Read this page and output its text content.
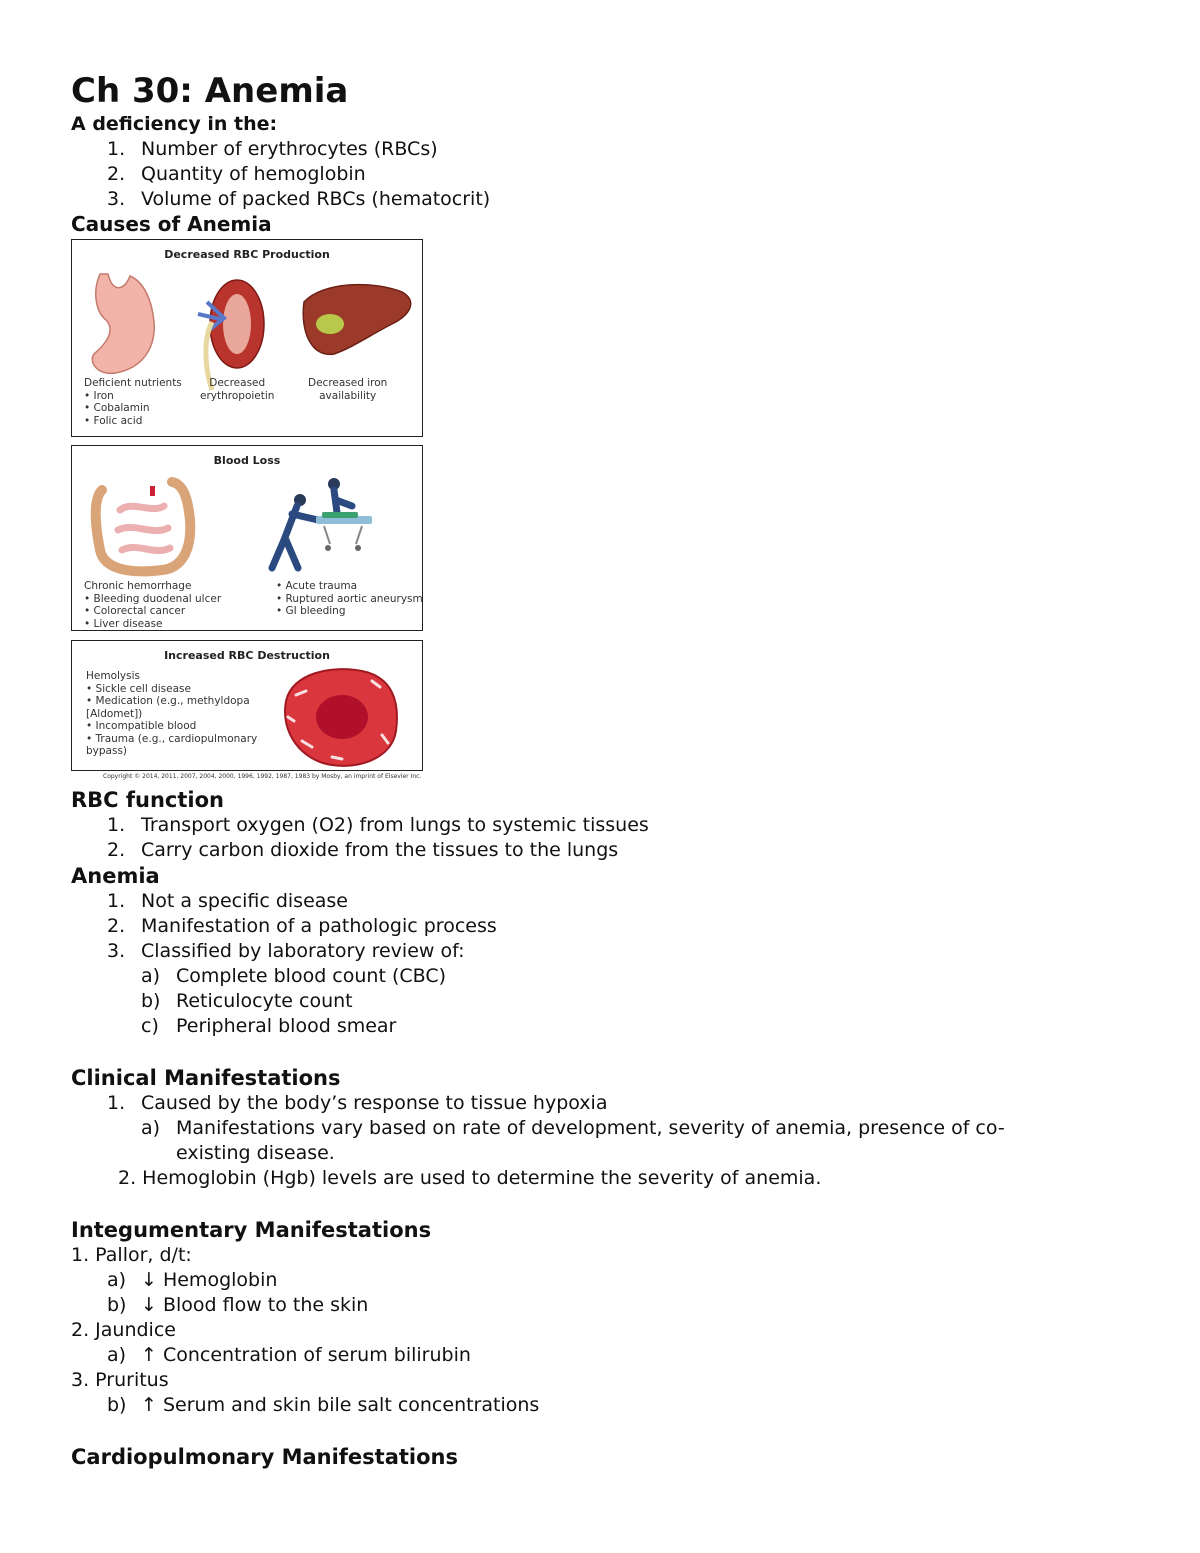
Ch 30: Anemia
A deficiency in the:
1. Number of erythrocytes (RBCs)
2. Quantity of hemoglobin
3. Volume of packed RBCs (hematocrit)
Causes of Anemia
Decreased RBC Production
Deficient nutrients
• Iron
• Cobalamin
• Folic acid
Decreased
erythropoietin
Decreased iron
availability
Blood Loss
Chronic hemorrhage
• Bleeding duodenal ulcer
• Colorectal cancer
• Liver disease
• Acute trauma
• Ruptured aortic aneurysm
• GI bleeding
Increased RBC Destruction
Hemolysis
• Sickle cell disease
• Medication (e.g., methyldopa
[Aldomet])
• Incompatible blood
• Trauma (e.g., cardiopulmonary
bypass)
Copyright © 2014, 2011, 2007, 2004, 2000, 1996, 1992, 1987, 1983 by Mosby, an imprint of Elsevier Inc.
RBC function
1. Transport oxygen (O2) from lungs to systemic tissues
2. Carry carbon dioxide from the tissues to the lungs
Anemia
1. Not a specific disease
2. Manifestation of a pathologic process
3. Classified by laboratory review of:
a) Complete blood count (CBC)
b) Reticulocyte count
c) Peripheral blood smear
Clinical Manifestations
1. Caused by the body’s response to tissue hypoxia
a) Manifestations vary based on rate of development, severity of anemia, presence of co-
existing disease.
2. Hemoglobin (Hgb) levels are used to determine the severity of anemia.
Integumentary Manifestations
1. Pallor, d/t:
a) ↓ Hemoglobin
b) ↓ Blood flow to the skin
2. Jaundice
a) ↑ Concentration of serum bilirubin
3. Pruritus
b) ↑ Serum and skin bile salt concentrations
Cardiopulmonary Manifestations
